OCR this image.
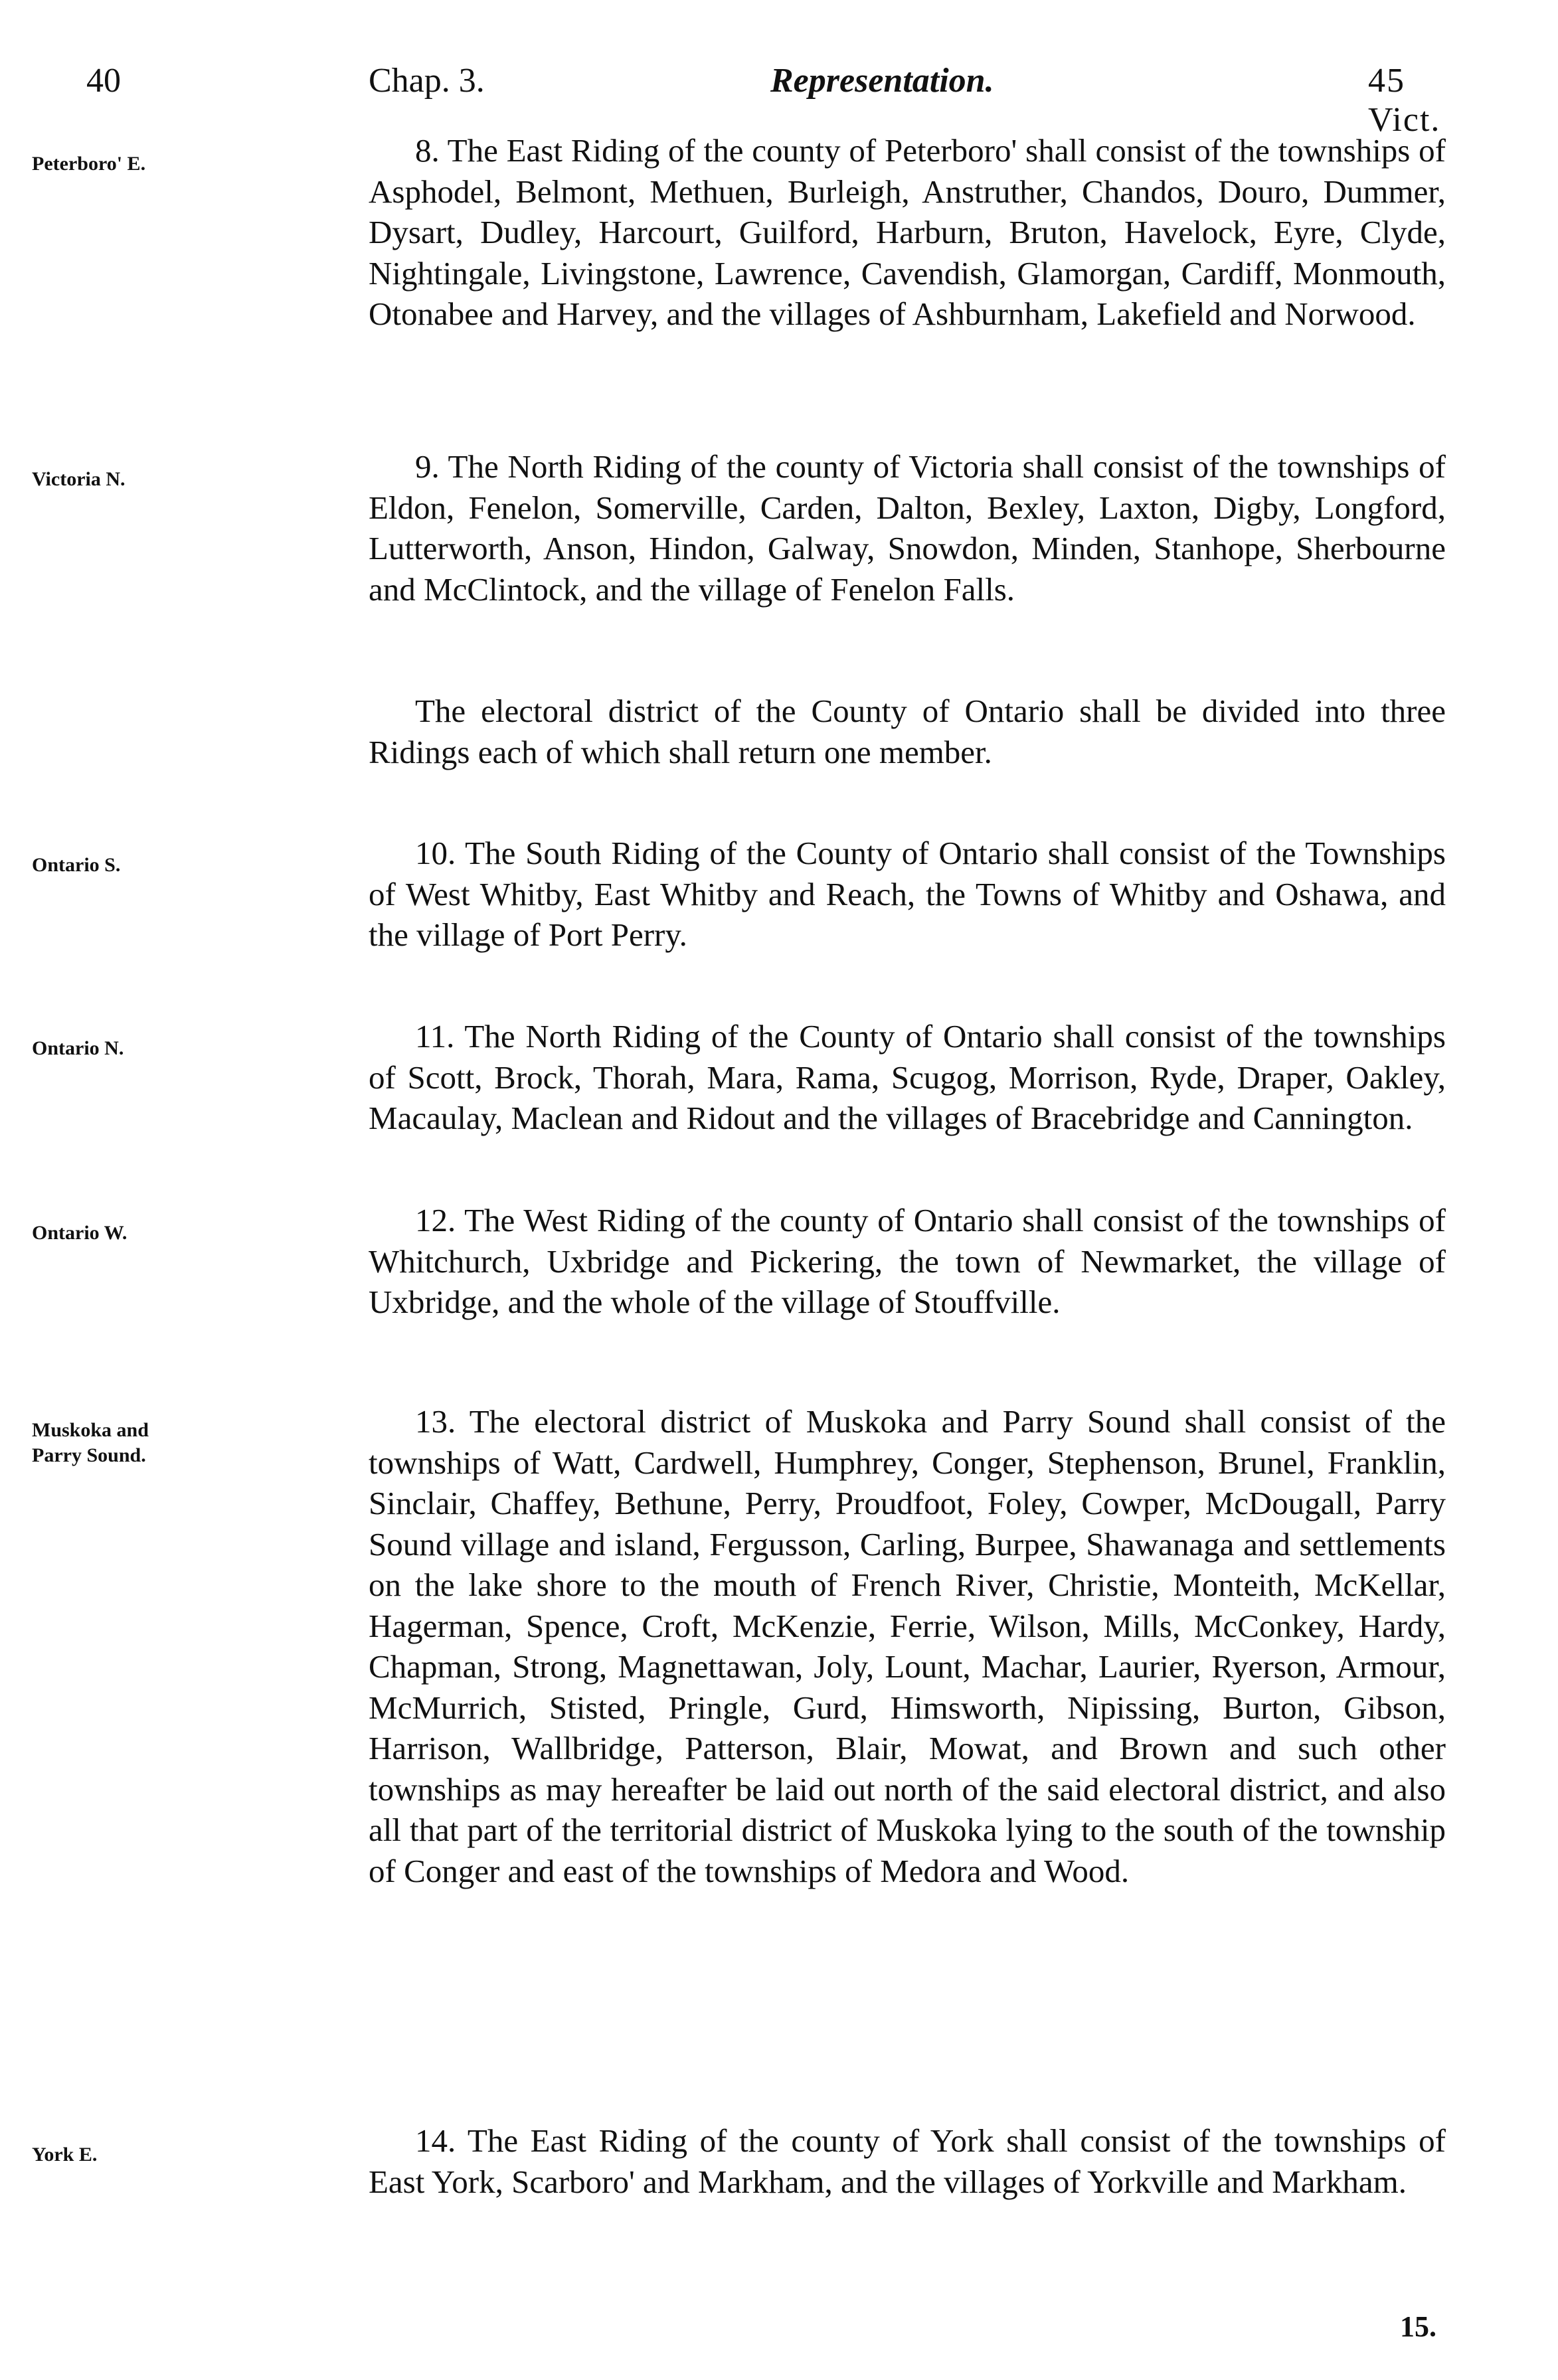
40	Chap. 3.	Representation.	45 Vict.
Peterboro' E.	8. The East Riding of the county of Peterboro' shall consist of the townships of Asphodel, Belmont, Methuen, Burleigh, Anstruther, Chandos, Douro, Dummer, Dysart, Dudley, Harcourt, Guilford, Harburn, Bruton, Havelock, Eyre, Clyde, Nightingale, Livingstone, Lawrence, Cavendish, Glamorgan, Cardiff, Monmouth, Otonabee and Harvey, and the villages of Ashburnham, Lakefield and Norwood.

Victoria N.	9. The North Riding of the county of Victoria shall consist of the townships of Eldon, Fenelon, Somerville, Carden, Dalton, Bexley, Laxton, Digby, Longford, Lutterworth, Anson, Hindon, Galway, Snowdon, Minden, Stanhope, Sherbourne and McClintock, and the village of Fenelon Falls.

The electoral district of the County of Ontario shall be divided into three Ridings each of which shall return one member.

Ontario S.	10. The South Riding of the County of Ontario shall consist of the Townships of West Whitby, East Whitby and Reach, the Towns of Whitby and Oshawa, and the village of Port Perry.

Ontario N.	11. The North Riding of the County of Ontario shall consist of the townships of Scott, Brock, Thorah, Mara, Rama, Scugog, Morrison, Ryde, Draper, Oakley, Macaulay, Maclean and Ridout and the villages of Bracebridge and Cannington.

Ontario W.	12. The West Riding of the county of Ontario shall consist of the townships of Whitchurch, Uxbridge and Pickering, the town of Newmarket, the village of Uxbridge, and the whole of the village of Stouffville.

Muskoka and Parry Sound.

13. The electoral district of Muskoka and Parry Sound shall consist of the townships of Watt, Cardwell, Humphrey, Conger, Stephenson, Brunel, Franklin, Sinclair, Chaffey, Bethune, Perry, Proudfoot, Foley, Cowper, McDougall, Parry Sound village and island, Fergusson, Carling, Burpee, Shawanaga and settlements on the lake shore to the mouth of French River, Christie, Monteith, McKellar, Hagerman, Spence, Croft, McKenzie, Ferrie, Wilson, Mills, McConkey, Hardy, Chapman, Strong, Magnettawan, Joly, Lount, Machar, Laurier, Ryerson, Armour, McMurrich, Stisted, Pringle, Gurd, Himsworth, Nipissing, Burton, Gibson, Harrison, Wallbridge, Patterson, Blair, Mowat, and Brown and such other townships as may hereafter be laid out north of the said electoral district, and also all that part of the territorial district of Muskoka lying to the south of the township of Conger and east of the townships of Medora and Wood.

York E.	14. The East Riding of the county of York shall consist of the townships of East York, Scarboro' and Markham, and the villages of Yorkville and Markham.

15.
